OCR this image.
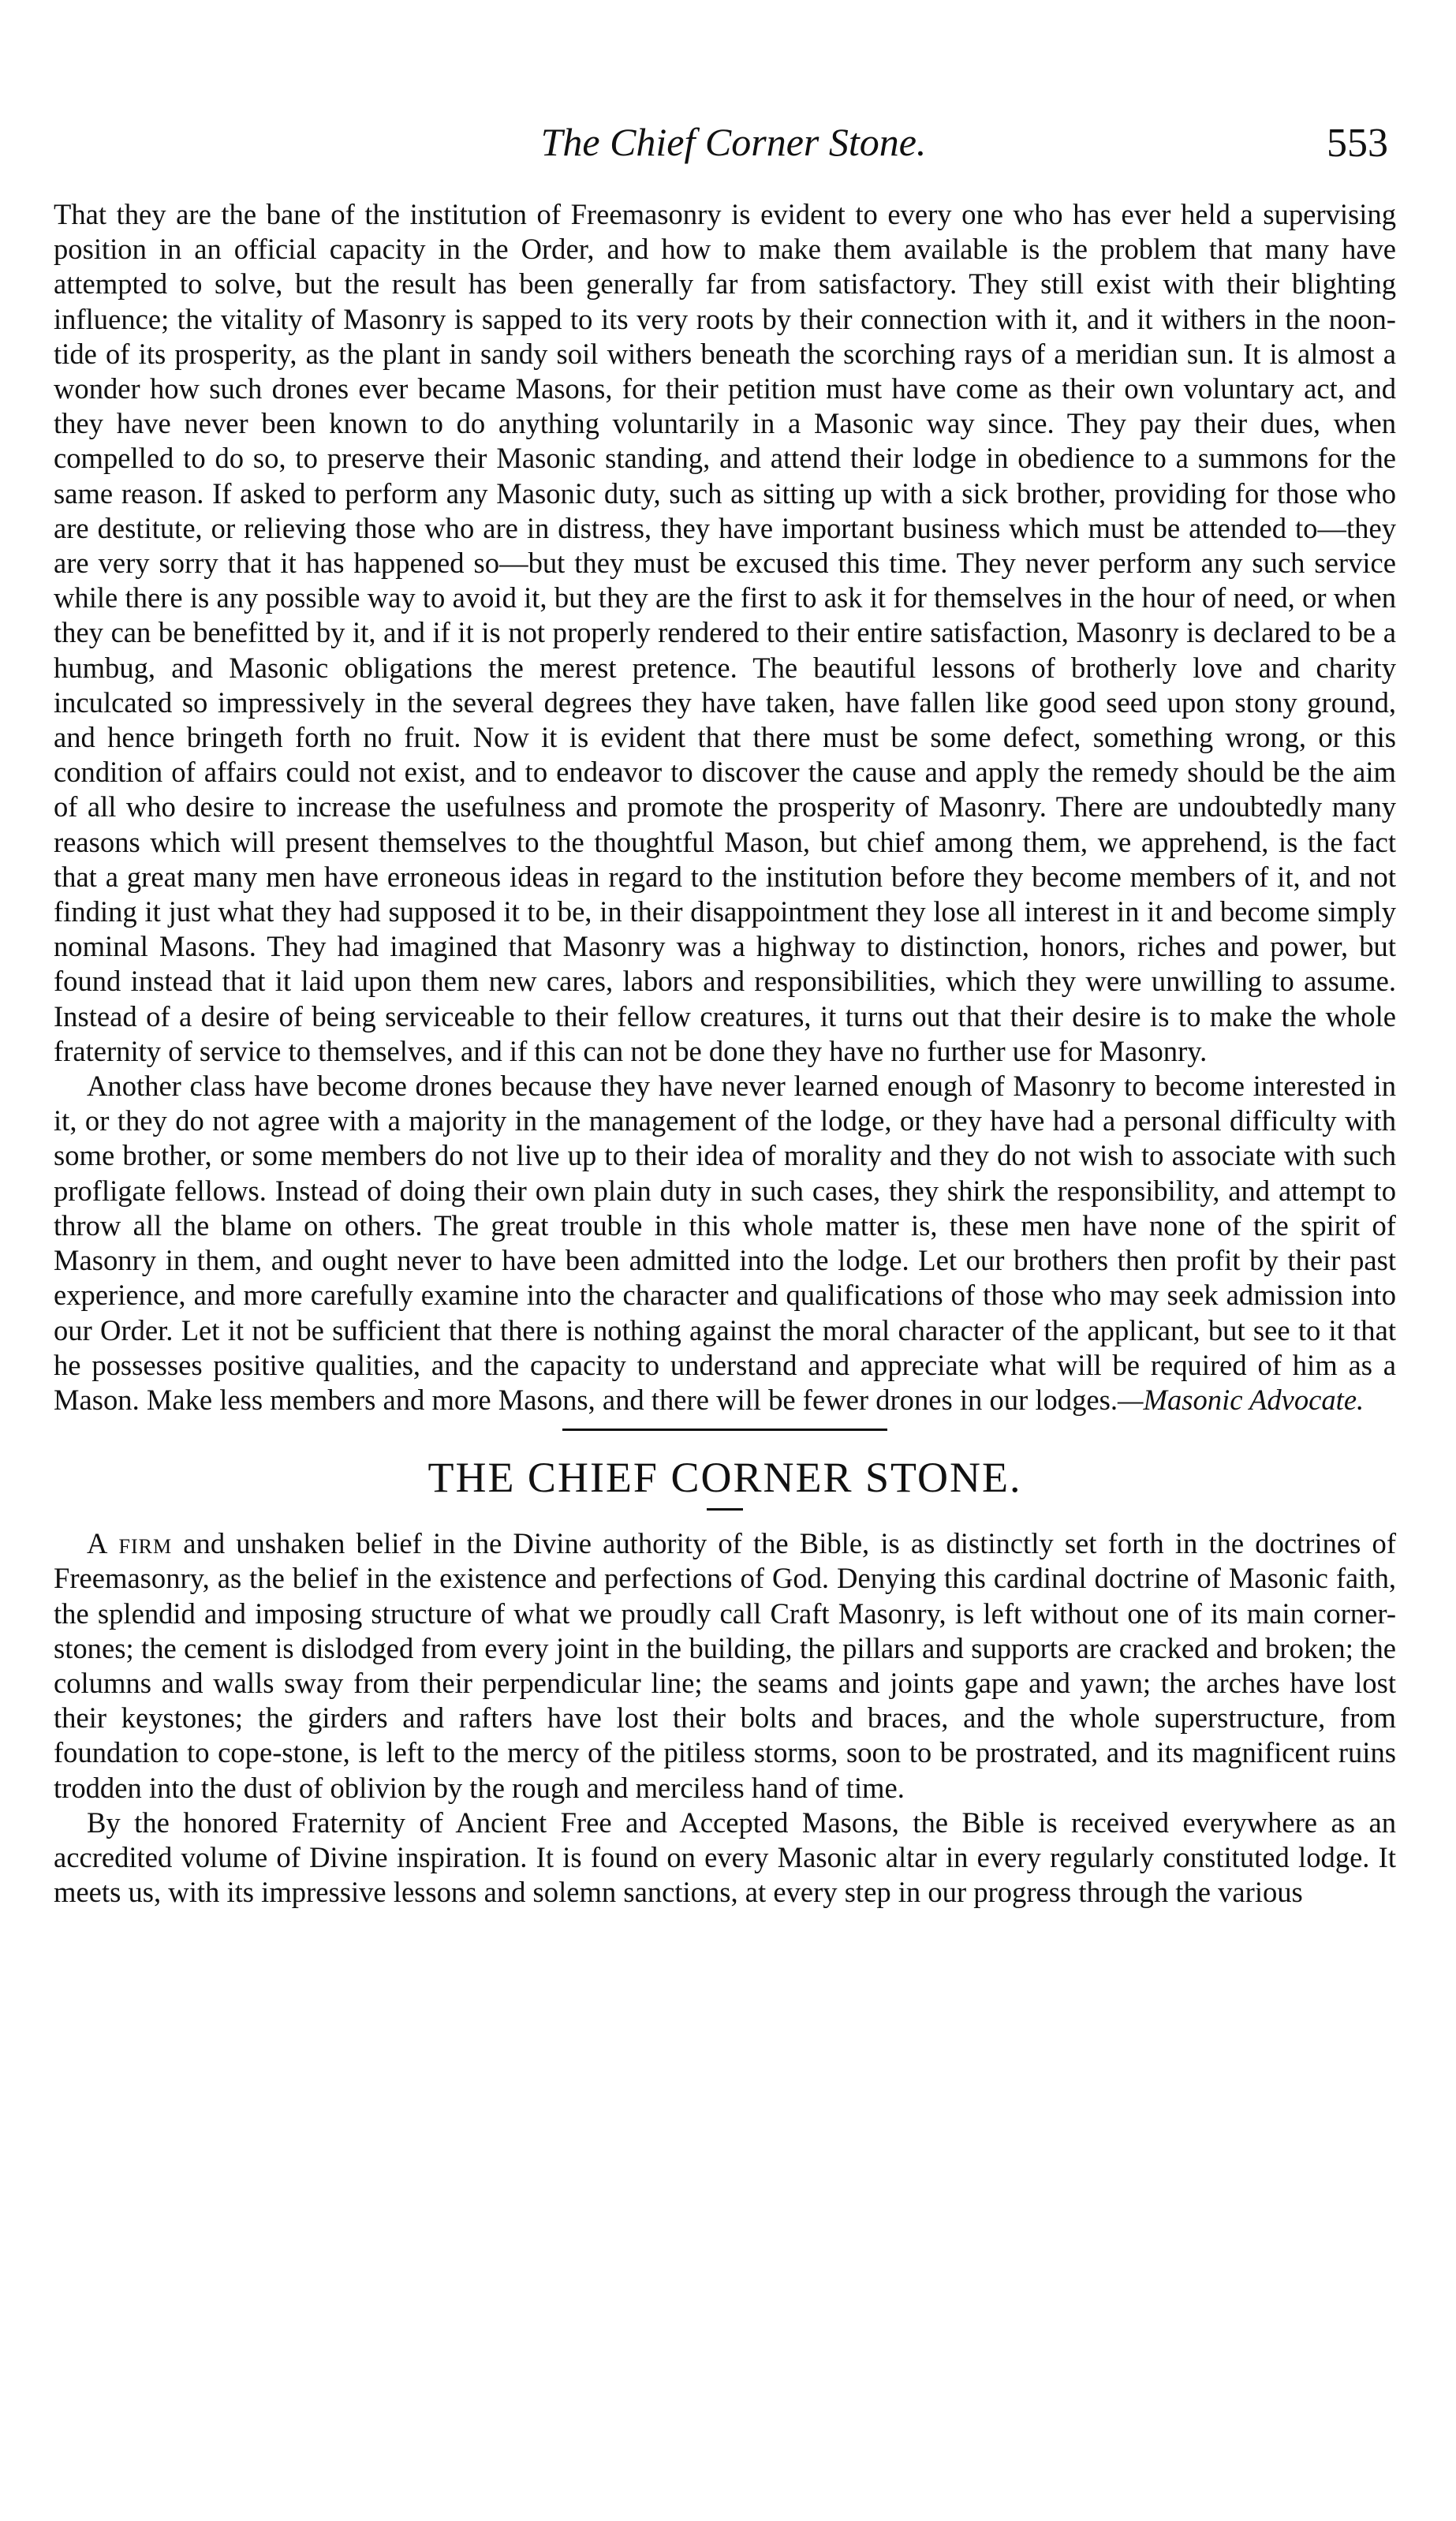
The Chief Corner Stone.	553

That they are the bane of the institution of Freemasonry is evident to every one who has ever held a supervising position in an official capacity in the Order, and how to make them available is the problem that many have attempted to solve, but the result has been generally far from satisfactory. They still exist with their blighting influence; the vitality of Masonry is sapped to its very roots by their connection with it, and it withers in the noon-tide of its prosperity, as the plant in sandy soil withers beneath the scorching rays of a meridian sun. It is almost a wonder how such drones ever became Masons, for their petition must have come as their own voluntary act, and they have never been known to do anything voluntarily in a Masonic way since. They pay their dues, when compelled to do so, to preserve their Masonic standing, and attend their lodge in obedience to a summons for the same reason. If asked to perform any Masonic duty, such as sitting up with a sick brother, providing for those who are destitute, or relieving those who are in distress, they have important business which must be attended to—they are very sorry that it has happened so—but they must be excused this time. They never perform any such service while there is any possible way to avoid it, but they are the first to ask it for themselves in the hour of need, or when they can be benefitted by it, and if it is not properly rendered to their entire satisfaction, Masonry is declared to be a humbug, and Masonic obligations the merest pretence. The beautiful lessons of brotherly love and charity inculcated so impressively in the several degrees they have taken, have fallen like good seed upon stony ground, and hence bringeth forth no fruit. Now it is evident that there must be some defect, something wrong, or this condition of affairs could not exist, and to endeavor to discover the cause and apply the remedy should be the aim of all who desire to increase the usefulness and promote the prosperity of Masonry. There are undoubtedly many reasons which will present themselves to the thoughtful Mason, but chief among them, we apprehend, is the fact that a great many men have erroneous ideas in regard to the institution before they become members of it, and not finding it just what they had supposed it to be, in their disappointment they lose all interest in it and become simply nominal Masons. They had imagined that Masonry was a highway to distinction, honors, riches and power, but found instead that it laid upon them new cares, labors and responsibilities, which they were unwilling to assume. Instead of a desire of being serviceable to their fellow creatures, it turns out that their desire is to make the whole fraternity of service to themselves, and if this can not be done they have no further use for Masonry.

Another class have become drones because they have never learned enough of Masonry to become interested in it, or they do not agree with a majority in the management of the lodge, or they have had a personal difficulty with some brother, or some members do not live up to their idea of morality and they do not wish to associate with such profligate fellows. Instead of doing their own plain duty in such cases, they shirk the responsibility, and attempt to throw all the blame on others. The great trouble in this whole matter is, these men have none of the spirit of Masonry in them, and ought never to have been admitted into the lodge. Let our brothers then profit by their past experience, and more carefully examine into the character and qualifications of those who may seek admission into our Order. Let it not be sufficient that there is nothing against the moral character of the applicant, but see to it that he possesses positive qualities, and the capacity to understand and appreciate what will be required of him as a Mason. Make less members and more Masons, and there will be fewer drones in our lodges.—Masonic Advocate.

THE CHIEF CORNER STONE.

A firm and unshaken belief in the Divine authority of the Bible, is as distinctly set forth in the doctrines of Freemasonry, as the belief in the existence and perfections of God. Denying this cardinal doctrine of Masonic faith, the splendid and imposing structure of what we proudly call Craft Masonry, is left without one of its main corner-stones; the cement is dislodged from every joint in the building, the pillars and supports are cracked and broken; the columns and walls sway from their perpendicular line; the seams and joints gape and yawn; the arches have lost their keystones; the girders and rafters have lost their bolts and braces, and the whole superstructure, from foundation to cope-stone, is left to the mercy of the pitiless storms, soon to be prostrated, and its magnificent ruins trodden into the dust of oblivion by the rough and merciless hand of time.

By the honored Fraternity of Ancient Free and Accepted Masons, the Bible is received everywhere as an accredited volume of Divine inspiration. It is found on every Masonic altar in every regularly constituted lodge. It meets us, with its impressive lessons and solemn sanctions, at every step in our progress through the various
